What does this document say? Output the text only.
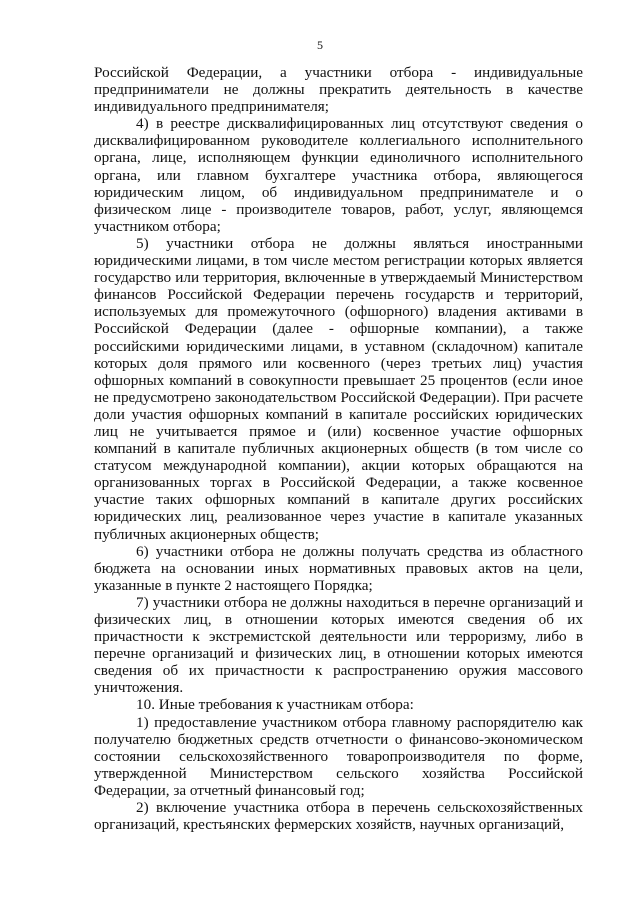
5

Российской Федерации, а участники отбора - индивидуальные предприниматели не должны прекратить деятельность в качестве индивидуального предпринимателя;

4) в реестре дисквалифицированных лиц отсутствуют сведения о дисквалифицированном руководителе коллегиального исполнительного органа, лице, исполняющем функции единоличного исполнительного органа, или главном бухгалтере участника отбора, являющегося юридическим лицом, об индивидуальном предпринимателе и о физическом лице - производителе товаров, работ, услуг, являющемся участником отбора;

5) участники отбора не должны являться иностранными юридическими лицами, в том числе местом регистрации которых является государство или территория, включенные в утверждаемый Министерством финансов Российской Федерации перечень государств и территорий, используемых для промежуточного (офшорного) владения активами в Российской Федерации (далее - офшорные компании), а также российскими юридическими лицами, в уставном (складочном) капитале которых доля прямого или косвенного (через третьих лиц) участия офшорных компаний в совокупности превышает 25 процентов (если иное не предусмотрено законодательством Российской Федерации). При расчете доли участия офшорных компаний в капитале российских юридических лиц не учитывается прямое и (или) косвенное участие офшорных компаний в капитале публичных акционерных обществ (в том числе со статусом международной компании), акции которых обращаются на организованных торгах в Российской Федерации, а также косвенное участие таких офшорных компаний в капитале других российских юридических лиц, реализованное через участие в капитале указанных публичных акционерных обществ;

6) участники отбора не должны получать средства из областного бюджета на основании иных нормативных правовых актов на цели, указанные в пункте 2 настоящего Порядка;

7) участники отбора не должны находиться в перечне организаций и физических лиц, в отношении которых имеются сведения об их причастности к экстремистской деятельности или терроризму, либо в перечне организаций и физических лиц, в отношении которых имеются сведения об их причастности к распространению оружия массового уничтожения.

10. Иные требования к участникам отбора:

1) предоставление участником отбора главному распорядителю как получателю бюджетных средств отчетности о финансово-экономическом состоянии сельскохозяйственного товаропроизводителя по форме, утвержденной Министерством сельского хозяйства Российской Федерации, за отчетный финансовый год;

2) включение участника отбора в перечень сельскохозяйственных организаций, крестьянских фермерских хозяйств, научных организаций,
